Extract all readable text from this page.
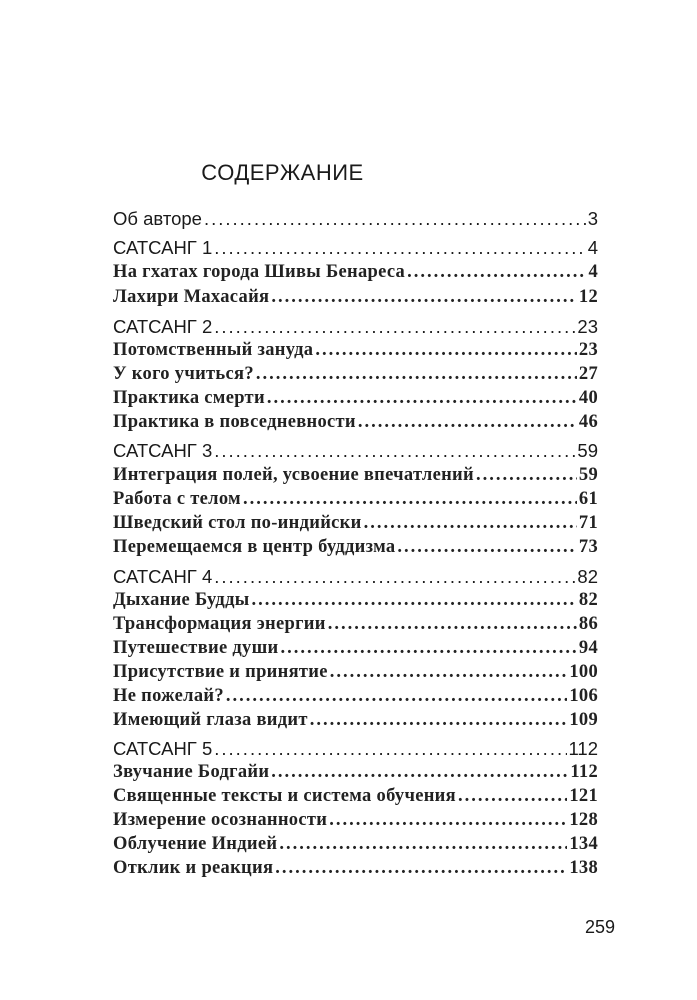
СОДЕРЖАНИЕ
Об авторе .....	3
САТСАНГ 1 .....	4
На гхатах города Шивы Бенареса .....	4
Лахири Махасайя .....	12
САТСАНГ 2 .....	23
Потомственный зануда .....	23
У кого учиться? .....	27
Практика смерти .....	40
Практика в повседневности .....	46
САТСАНГ 3 .....	59
Интеграция полей, усвоение впечатлений .....	59
Работа с телом .....	61
Шведский стол по-индийски .....	71
Перемещаемся в центр буддизма .....	73
САТСАНГ 4 .....	82
Дыхание Будды .....	82
Трансформация энергии .....	86
Путешествие души .....	94
Присутствие и принятие .....	100
Не пожелай? .....	106
Имеющий глаза видит .....	109
САТСАНГ 5 .....	112
Звучание Бодгайи .....	112
Священные тексты и система обучения .....	121
Измерение осознанности .....	128
Облучение Индией .....	134
Отклик и реакция .....	138
259
